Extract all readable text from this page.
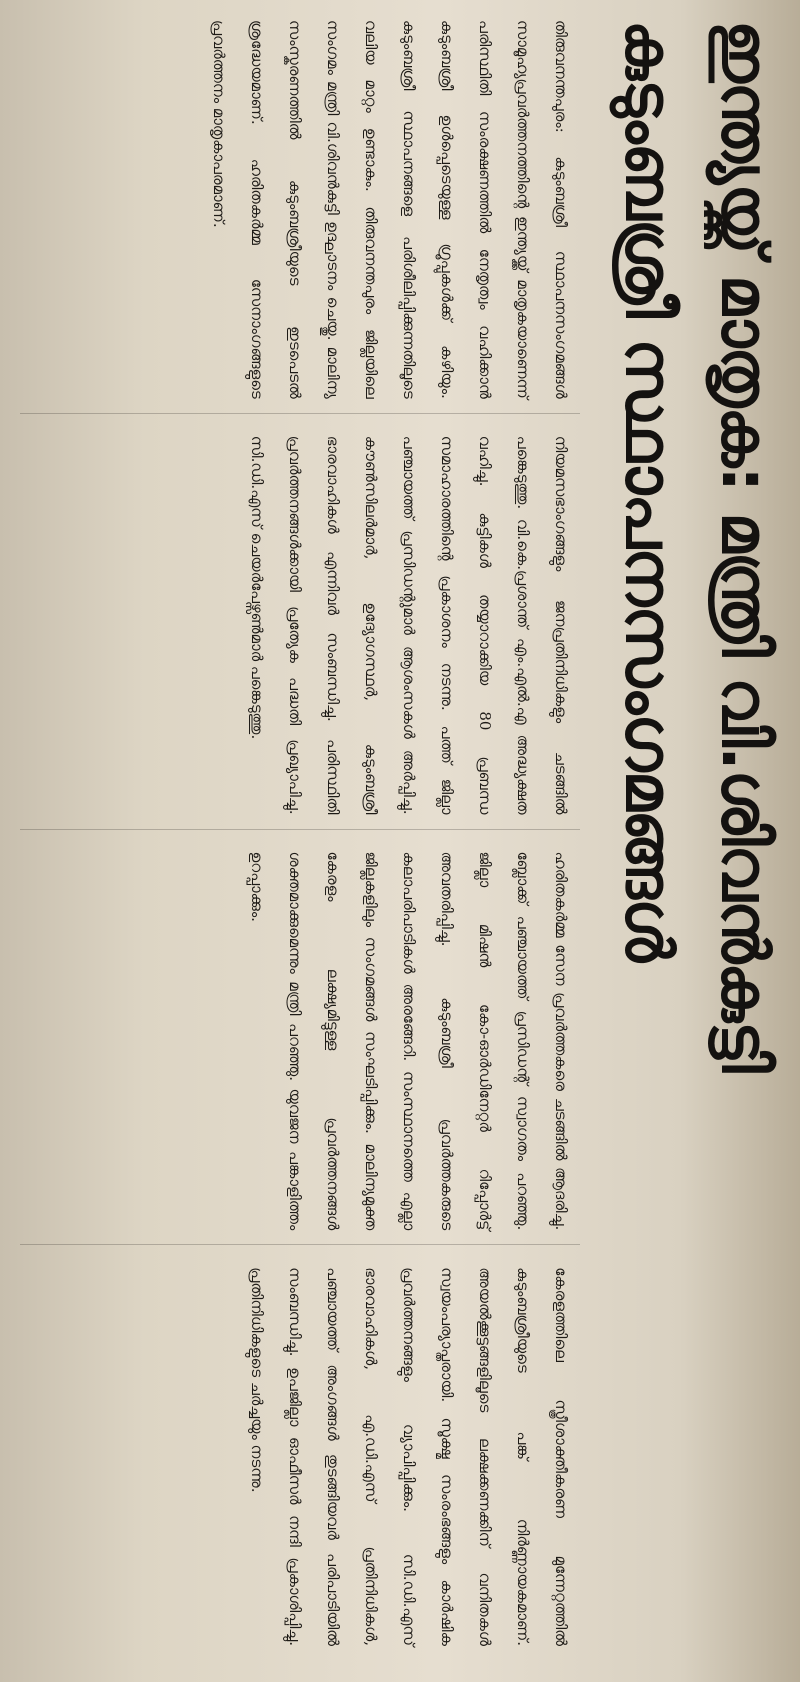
കുടുംബശ്രീ സ്ഥാപനസംഗമങ്ങൾ ഇന്ത്യയ്ക്ക് മാതൃക: മന്ത്രി വി.ശിവൻകുട്ടി
തിരുവനന്തപുരം: കുടുംബശ്രീ സ്ഥാപനസംഗമങ്ങൾ സാമൂഹ്യപ്രവർത്തനത്തിന്റെ ഇന്ത്യയ്ക്ക് മാതൃകയാണെന്ന് പരിസ്ഥിതി സംരക്ഷണത്തിൽ നേതൃത്വം വഹിക്കാൻ കുടുംബശ്രീ ഉൾപ്പെടെയുള്ള ഗ്രൂപ്പുകൾക്ക് കഴിയും. കുടുംബശ്രീ സ്ഥാപനങ്ങളെ പരിശീലിപ്പിക്കുന്നതിലൂടെ വലിയ മാറ്റം ഉണ്ടാകും. തിരുവനന്തപുരം ജില്ലയിലെ സംഗമം മന്ത്രി വി.ശിവൻകുട്ടി ഉദ്ഘാടനം ചെയ്തു. മാലിന്യ സംസ്കരണത്തിൽ കുടുംബശ്രീയുടെ ഇടപെടൽ ശ്രദ്ധേയമാണ്. ഹരിതകർമ്മ സേനാംഗങ്ങളുടെ പ്രവർത്തനം മാതൃകാപരമാണ്.
നിയമസഭാംഗങ്ങളും ജനപ്രതിനിധികളും ചടങ്ങിൽ പങ്കെടുത്തു. വി.കെ.പ്രശാന്ത് എം.എൽ.എ അദ്ധ്യക്ഷത വഹിച്ചു. കുട്ടികൾ തയ്യാറാക്കിയ 80 പ്രബന്ധ സമാഹാരത്തിന്റെ പ്രകാശനം നടന്നു. പത്ത് ജില്ലാ പഞ്ചായത്ത് പ്രസിഡന്റുമാർ ആശംസകൾ അർപ്പിച്ചു. കൗൺസിലർമാർ, ഉദ്യോഗസ്ഥർ, കുടുംബശ്രീ ഭാരവാഹികൾ എന്നിവർ സംബന്ധിച്ചു. പരിസ്ഥിതി പ്രവർത്തനങ്ങൾക്കായി പ്രത്യേക പദ്ധതി പ്രഖ്യാപിച്ചു. സി.ഡി.എസ് ചെയർപേഴ്സൺമാർ പങ്കെടുത്തു.
ഹരിതകർമ്മ സേന പ്രവർത്തകരെ ചടങ്ങിൽ ആദരിച്ചു. ബ്ലോക്ക് പഞ്ചായത്ത് പ്രസിഡന്റ് സ്വാഗതം പറഞ്ഞു. ജില്ലാ മിഷൻ കോ-ഓർഡിനേറ്റർ റിപ്പോർട്ട് അവതരിപ്പിച്ചു. കുടുംബശ്രീ പ്രവർത്തകരുടെ കലാപരിപാടികൾ അരങ്ങേറി. സംസ്ഥാനത്തെ എല്ലാ ജില്ലകളിലും സംഗമങ്ങൾ സംഘടിപ്പിക്കും. മാലിന്യമുക്ത കേരളം ലക്ഷ്യമിട്ടുള്ള പ്രവർത്തനങ്ങൾ ശക്തമാക്കുമെന്നും മന്ത്രി പറഞ്ഞു. യുവജന പങ്കാളിത്തം ഉറപ്പാക്കും.
കേരളത്തിലെ സ്ത്രീശാക്തീകരണ മുന്നേറ്റത്തിൽ കുടുംബശ്രീയുടെ പങ്ക് നിർണ്ണായകമാണ്. അയൽക്കൂട്ടങ്ങളിലൂടെ ലക്ഷക്കണക്കിന് വനിതകൾ സ്വയംപര്യാപ്തരായി. സൂക്ഷ്മ സംരംഭങ്ങളും കാർഷിക പ്രവർത്തനങ്ങളും വ്യാപിപ്പിക്കും. സി.ഡി.എസ് ഭാരവാഹികൾ, എ.ഡി.എസ് പ്രതിനിധികൾ, പഞ്ചായത്ത് അംഗങ്ങൾ തുടങ്ങിയവർ പരിപാടിയിൽ സംബന്ധിച്ചു. ഉപജില്ലാ ഓഫീസർ നന്ദി പ്രകാശിപ്പിച്ചു. പ്രതിനിധികളുടെ ചർച്ചയും നടന്നു.
